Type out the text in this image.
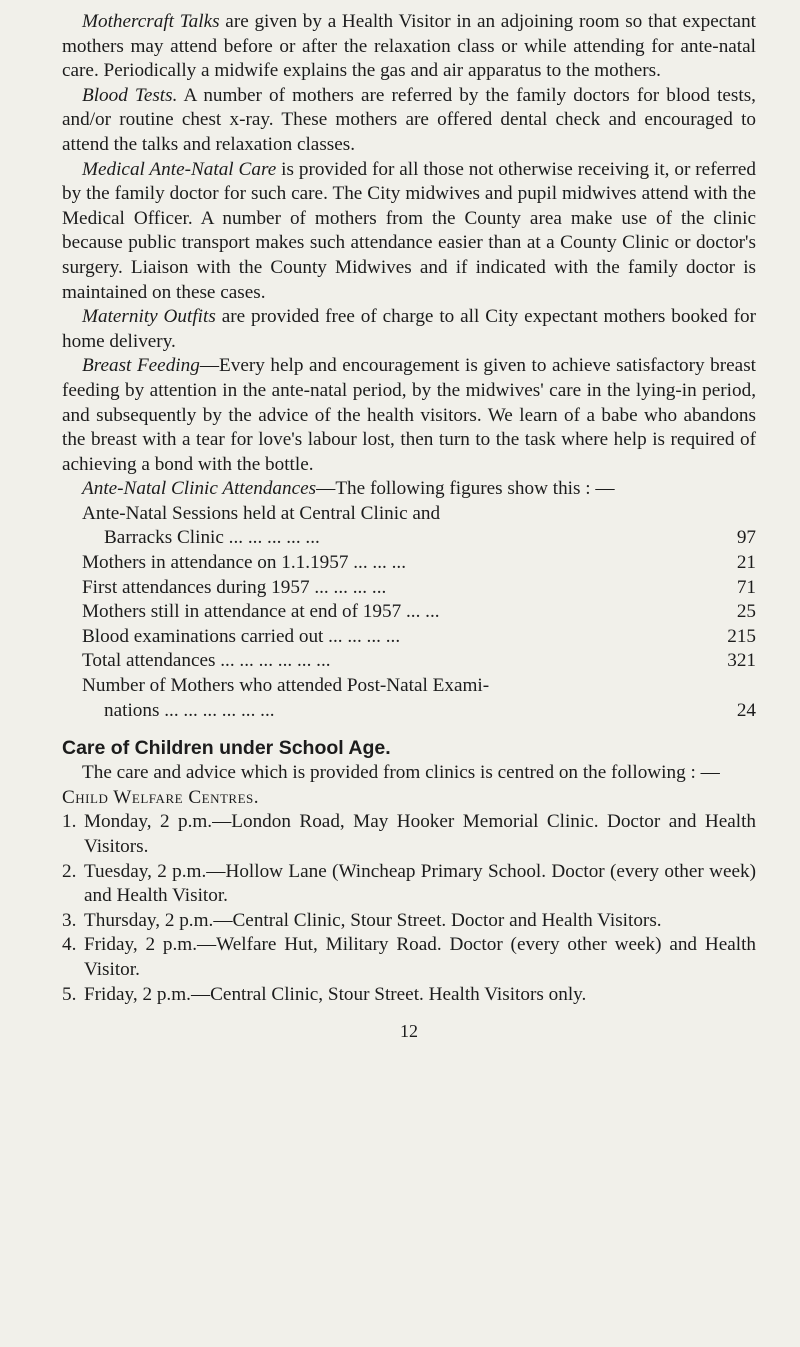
Mothercraft Talks are given by a Health Visitor in an adjoining room so that expectant mothers may attend before or after the relaxation class or while attending for ante-natal care. Periodically a midwife explains the gas and air apparatus to the mothers.

Blood Tests. A number of mothers are referred by the family doctors for blood tests, and/or routine chest x-ray. These mothers are offered dental check and encouraged to attend the talks and relaxation classes.

Medical Ante-Natal Care is provided for all those not otherwise receiving it, or referred by the family doctor for such care. The City midwives and pupil midwives attend with the Medical Officer. A number of mothers from the County area make use of the clinic because public transport makes such attendance easier than at a County Clinic or doctor's surgery. Liaison with the County Midwives and if indicated with the family doctor is maintained on these cases.

Maternity Outfits are provided free of charge to all City expectant mothers booked for home delivery.

Breast Feeding—Every help and encouragement is given to achieve satisfactory breast feeding by attention in the ante-natal period, by the midwives' care in the lying-in period, and subsequently by the advice of the health visitors. We learn of a babe who abandons the breast with a tear for love's labour lost, then turn to the task where help is required of achieving a bond with the bottle.

Ante-Natal Clinic Attendances—The following figures show this : —

Ante-Natal Sessions held at Central Clinic and
Barracks Clinic ... ... ... ... ...	97
Mothers in attendance on 1.1.1957 ... ... ...	21
First attendances during 1957 ... ... ... ...	71
Mothers still in attendance at end of 1957 ... ...	25
Blood examinations carried out ... ... ... ...	215
Total attendances ... ... ... ... ... ...	321
Number of Mothers who attended Post-Natal Exami-
nations ... ... ... ... ... ...	24
Care of Children under School Age.

The care and advice which is provided from clinics is centred on the following : —

Child Welfare Centres.
1. Monday, 2 p.m.—London Road, May Hooker Memorial Clinic. Doctor and Health Visitors.
2. Tuesday, 2 p.m.—Hollow Lane (Wincheap Primary School. Doctor (every other week) and Health Visitor.
3. Thursday, 2 p.m.—Central Clinic, Stour Street. Doctor and Health Visitors.
4. Friday, 2 p.m.—Welfare Hut, Military Road. Doctor (every other week) and Health Visitor.
5. Friday, 2 p.m.—Central Clinic, Stour Street. Health Visitors only.
12
